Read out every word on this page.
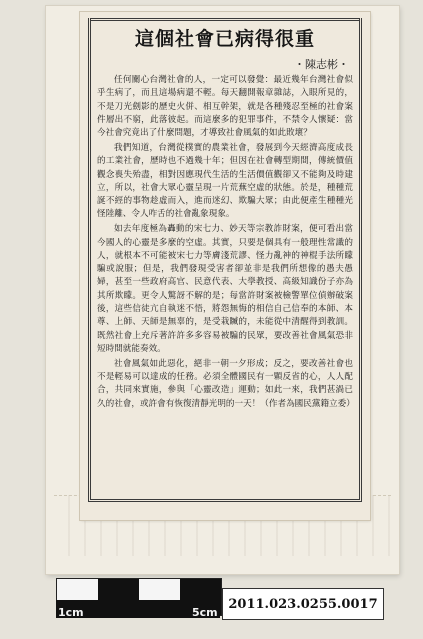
這個社會已病得很重
・陳志彬・

任何關心台灣社會的人，一定可以發覺：最近幾年台灣社會似乎生病了，而且這場病還不輕。每天翻開報章雜誌，入眼所見的，不是刀光劍影的歷史火併、相互幹架，就是各種殘忍至極的社會案件層出不窮，此落彼起。而這麼多的犯罪事件，不禁令人懷疑：當今社會究竟出了什麼問題，才導致社會風氣的如此敗壞？

我們知道，台灣從樸實的農業社會，發展到今天經濟高度成長的工業社會，歷時也不過幾十年；但因在社會轉型期間，傳統價值觀念喪失殆盡，相對因應現代生活的生活價值觀卻又不能夠及時建立，所以，社會大眾心靈呈現一片荒蕪空虛的狀態。於是，種種荒誕不經的事物趁虛而入，進而迷幻、欺騙大眾；由此便產生種種光怪陸離、令人咋舌的社會亂象現象。

如去年度極為轟動的宋七力、妙天等宗教詐財案，便可看出當今國人的心靈是多麼的空虛。其實，只要是個具有一般理性常識的人，就根本不可能被宋七力等膚淺荒謬、怪力亂神的神棍手法所矇騙或說服；但是，我們發現受害者卻並非是我們所想像的愚夫愚婦，甚至一些政府高官、民意代表、大學教授、高級知識份子亦為其所欺矇。更令人驚訝不解的是；每當許財案被檢警單位偵辦破案後，這些信徒亢自執迷不悟，將怨無悔的相信自己信奉的本師、本尊、上師、天師是無辜的，是受栽贓的，未能從中清醒得到教訓。既然社會上充斥著許許多多容易被騙的民眾，要改善社會風氣恐非短時間就能奏效。

社會風氣如此惡化，絕非一朝一夕形成；反之，要改善社會也不是輕易可以達成的任務。必須全體國民有一顆反省的心，人人配合，共同來實施，參與「心靈改造」運動；如此一來，我們甚渦已久的社會，或許會有恢復清靜光明的一天！（作者為國民黨籍立委）

1cm	5cm
2011.023.0255.0017
